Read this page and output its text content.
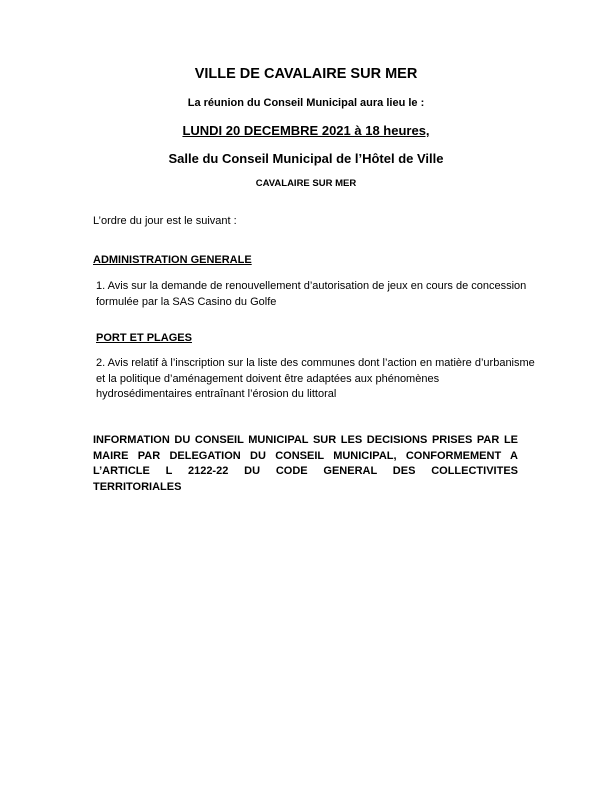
VILLE DE CAVALAIRE SUR MER
La réunion du Conseil Municipal aura lieu le :
LUNDI 20 DECEMBRE 2021 à 18 heures,
Salle du Conseil Municipal de l’Hôtel de Ville
CAVALAIRE SUR MER
L’ordre du jour est le suivant :
ADMINISTRATION GENERALE
1. Avis sur la demande de renouvellement d’autorisation de jeux en cours de concession formulée par la SAS Casino du Golfe
PORT ET PLAGES
2. Avis relatif à l’inscription sur la liste des communes dont l’action en matière d’urbanisme et la politique d’aménagement doivent être adaptées aux phénomènes hydrosédimentaires entraînant l’érosion du littoral
INFORMATION DU CONSEIL MUNICIPAL SUR LES DECISIONS PRISES PAR LE MAIRE PAR DELEGATION DU CONSEIL MUNICIPAL, CONFORMEMENT A L’ARTICLE L 2122-22 DU CODE GENERAL DES COLLECTIVITES TERRITORIALES
